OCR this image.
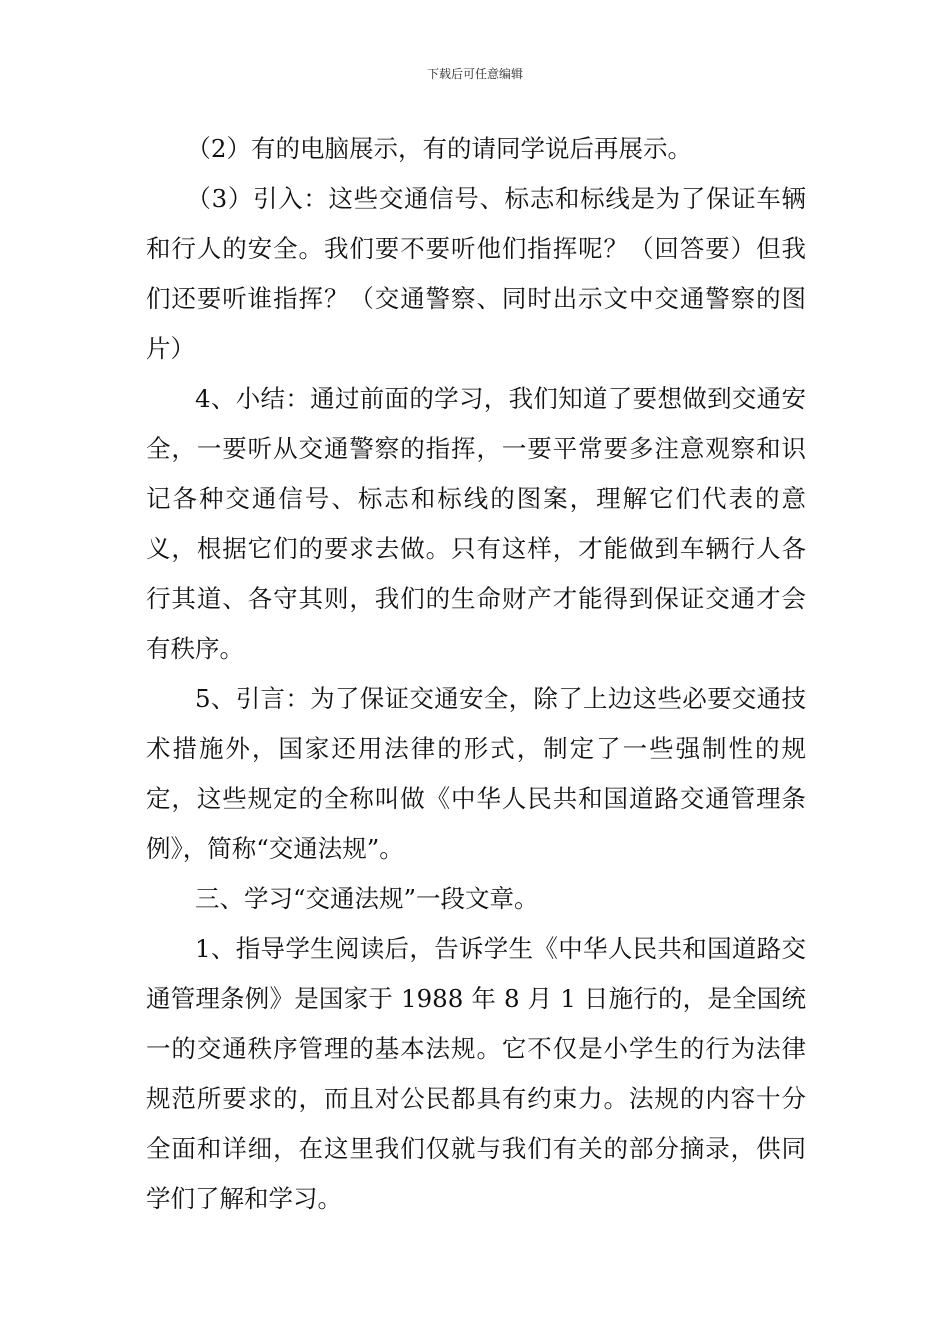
下载后可任意编辑

（2）有的电脑展示，有的请同学说后再展示。

（3）引入：这些交通信号、标志和标线是为了保证车辆和行人的安全。我们要不要听他们指挥呢？（回答要）但我们还要听谁指挥？（交通警察、同时出示文中交通警察的图片）

4、小结：通过前面的学习，我们知道了要想做到交通安全，一要听从交通警察的指挥，一要平常要多注意观察和识记各种交通信号、标志和标线的图案，理解它们代表的意义，根据它们的要求去做。只有这样，才能做到车辆行人各行其道、各守其则，我们的生命财产才能得到保证交通才会有秩序。

5、引言：为了保证交通安全，除了上边这些必要交通技术措施外，国家还用法律的形式，制定了一些强制性的规定，这些规定的全称叫做《中华人民共和国道路交通管理条例》，简称“交通法规”。

三、学习“交通法规”一段文章。

1、指导学生阅读后，告诉学生《中华人民共和国道路交通管理条例》是国家于 1988 年 8 月 1 日施行的，是全国统一的交通秩序管理的基本法规。它不仅是小学生的行为法律规范所要求的，而且对公民都具有约束力。法规的内容十分全面和详细，在这里我们仅就与我们有关的部分摘录，供同学们了解和学习。
